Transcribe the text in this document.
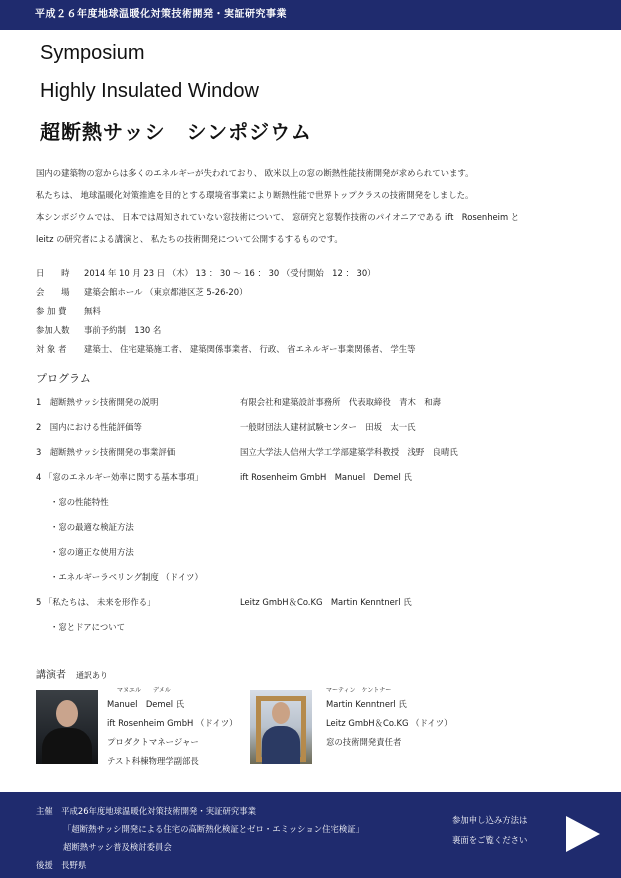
平成２６年度地球温暖化対策技術開発・実証研究事業
Symposium
Highly Insulated Window
超断熱サッシ　シンポジウム
国内の建築物の窓からは多くのエネルギーが失われており、 欧米以上の窓の断熱性能技術開発が求められています。
私たちは、 地球温暖化対策推進を目的とする環境省事業により断熱性能で世界トップクラスの技術開発をしました。
本シンポジウムでは、 日本では周知されていない窓技術について、 窓研究と窓製作技術のパイオニアである ift　Rosenheim と
leitz の研究者による講演と、 私たちの技術開発について公開するするものです。
日　　時	2014 年 10 月 23 日 （木） 13 ： 30 ～ 16 ： 30 （受付開始　12 ： 30）
会　　場	建築会館ホール （東京都港区芝 5-26-20）
参 加 費	無料
参加人数	事前予約制　130 名
対 象 者	建築士、 住宅建築施工者、 建築関係事業者、 行政、 省エネルギー事業関係者、 学生等
プログラム
1　超断熱サッシ技術開発の説明	有限会社和建築設計事務所　代表取締役　青木　和壽
2　国内における性能評価等	一般財団法人建材試験センター　田坂　太一氏
3　超断熱サッシ技術開発の事業評価	国立大学法人信州大学工学部建築学科教授　浅野　良晴氏
4 「窓のエネルギー効率に関する基本事項」	ift Rosenheim GmbH　Manuel　Demel 氏
・窓の性能特性
・窓の最適な検証方法
・窓の適正な使用方法
・エネルギーラベリング制度 （ドイツ）
5 「私たちは、 未来を形作る」	Leitz GmbH＆Co.KG　Martin Kenntnerl 氏
・窓とドアについて
講演者 通訳あり
マヌエル　　デメル
Manuel　Demel 氏
ift Rosenheim GmbH （ドイツ）
プロダクトマネージャー
テスト科棟物理学副部長
マーティン　ケントナー
Martin Kenntnerl 氏
Leitz GmbH＆Co.KG （ドイツ）
窓の技術開発責任者
主催　平成26年度地球温暖化対策技術開発・実証研究事業
「超断熱サッシ開発による住宅の高断熱化検証とゼロ・エミッション住宅検証」
超断熱サッシ普及検討委員会
後援　長野県
参加申し込み方法は
裏面をご覧ください
